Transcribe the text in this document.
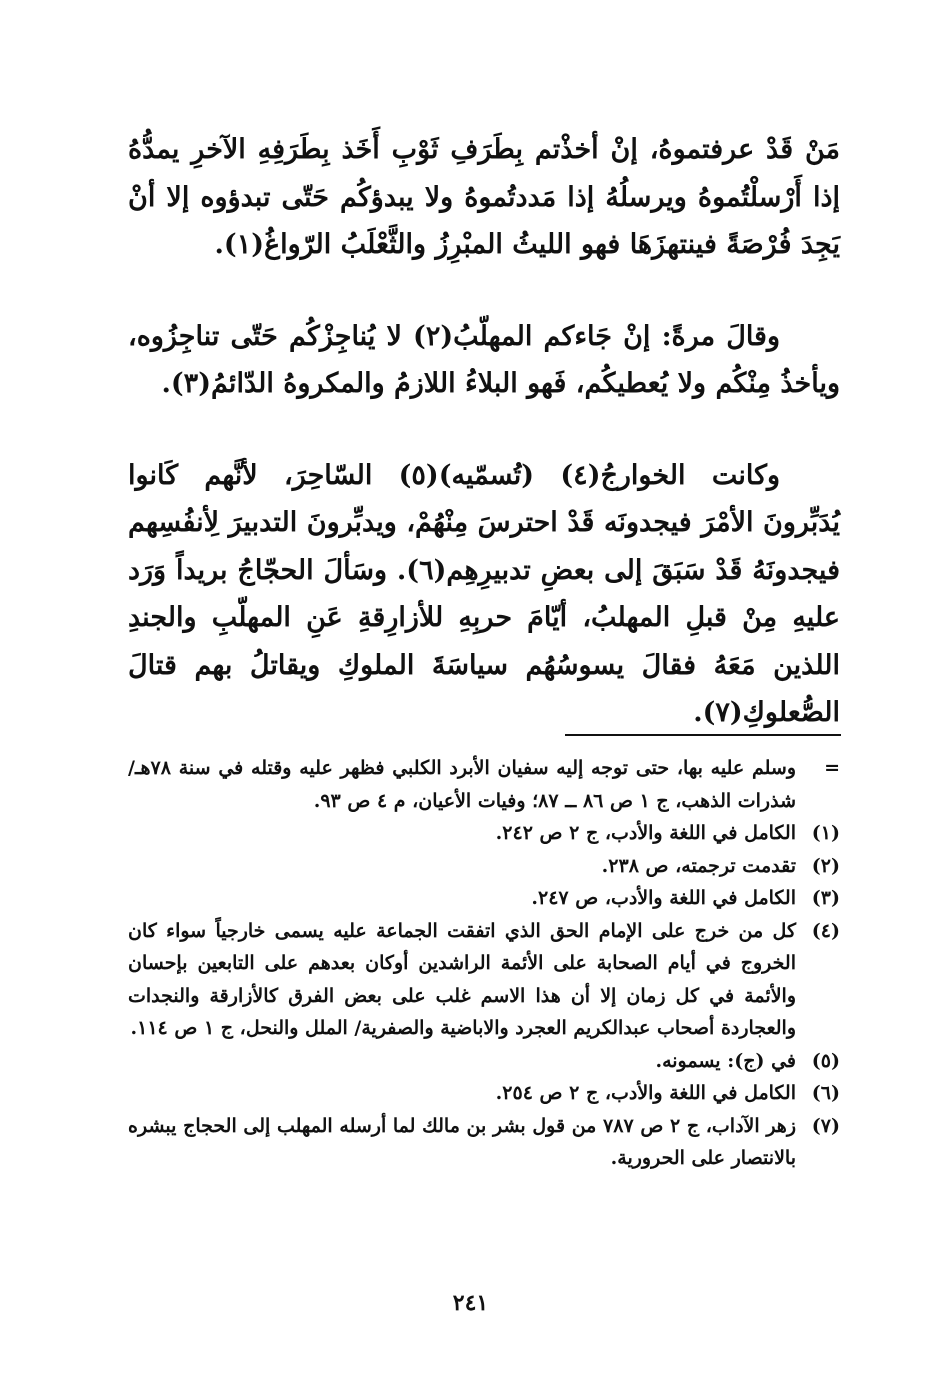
مَنْ قَدْ عرفتموهُ، إنْ أخذْتم بِطَرَفِ ثَوْبِ أَخَذ بِطَرَفِهِ الآخرِ يمدُّهُ إذا أَرْسلْتُموهُ ويرسلُهُ إذا مَددتُموهُ ولا يبدؤكُم حَتّى تبدؤوه إلا أنْ يَجِدَ فُرْصَةً فينتهزَهَا فهو الليثُ المبْرِزُ والثَّعْلَبُ الرّواغُ(١).

وقالَ مرةً: إنْ جَاءكم المهلّبُ(٢) لا يُناجِزْكُم حَتّى تناجِزُوه، ويأخذُ مِنْكُم ولا يُعطيكُم، فَهو البلاءُ اللازمُ والمكروهُ الدّائمُ(٣).

وكانت الخوارجُ(٤) (تُسمّيه)(٥) السّاحِرَ، لأنَّهم كَانوا يُدَبِّرونَ الأمْرَ فيجدونَه قَدْ احترسَ مِنْهُمْ، ويدبِّرونَ التدبيرَ لِأنفُسِهم فيجدونَهُ قَدْ سَبَقَ إلى بعضِ تدبيرِهِم(٦). وسَألَ الحجّاجُ بريداً وَرَد عليهِ مِنْ قبلِ المهلبُ، أيّامَ حربِهِ للأزارِقةِ عَنِ المهلّبِ والجندِ اللذين مَعَهُ فقالَ يسوسُهُم سياسَةَ الملوكِ ويقاتلُ بهم قتالَ الصُّعلوكِ(٧).

=
وسلم عليه بها، حتى توجه إليه سفيان الأبرد الكلبي فظهر عليه وقتله في سنة ٧٨هـ/ شذرات الذهب، ج ١ ص ٨٦ ــ ٨٧؛ وفيات الأعيان، م ٤ ص ٩٣.
(١)
الكامل في اللغة والأدب، ج ٢ ص ٢٤٢.
(٢)
تقدمت ترجمته، ص ٢٣٨.
(٣)
الكامل في اللغة والأدب، ص ٢٤٧.
(٤)
كل من خرج على الإمام الحق الذي اتفقت الجماعة عليه يسمى خارجياً سواء كان الخروج في أيام الصحابة على الأئمة الراشدين أوكان بعدهم على التابعين بإحسان والأئمة في كل زمان إلا أن هذا الاسم غلب على بعض الفرق كالأزارقة والنجدات والعجاردة أصحاب عبدالكريم العجرد والاباضية والصفرية/ الملل والنحل، ج ١ ص ١١٤.
(٥)
في (ج): يسمونه.
(٦)
الكامل في اللغة والأدب، ج ٢ ص ٢٥٤.
(٧)
زهر الآداب، ج ٢ ص ٧٨٧ من قول بشر بن مالك لما أرسله المهلب إلى الحجاج يبشره بالانتصار على الحرورية.
٢٤١
